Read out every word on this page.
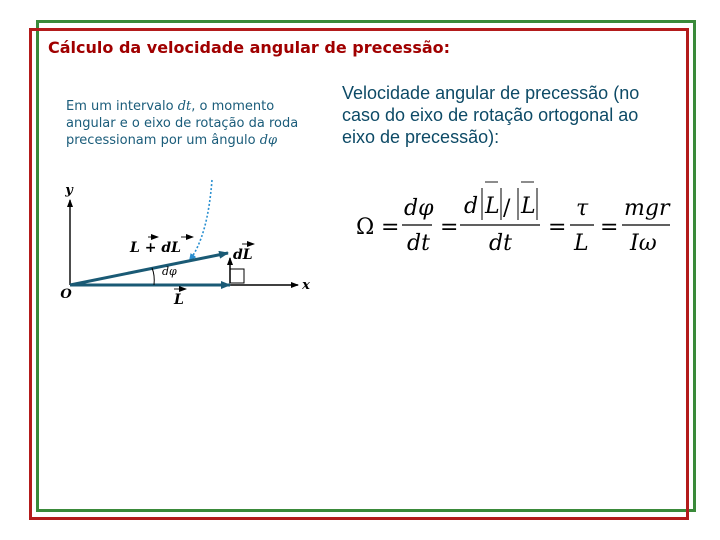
Cálculo da velocidade angular de precessão:
Em um intervalo dt, o momento angular e o eixo de rotação da roda precessionam por um ângulo dφ
Velocidade angular de precessão (no caso do eixo de rotação ortogonal ao eixo de precessão):
y
x
O
L + dL	dL
dφ
L
Ω =
dφ
dt
=
d L / L
dt
=
τ
L
=
mgr
Iω
